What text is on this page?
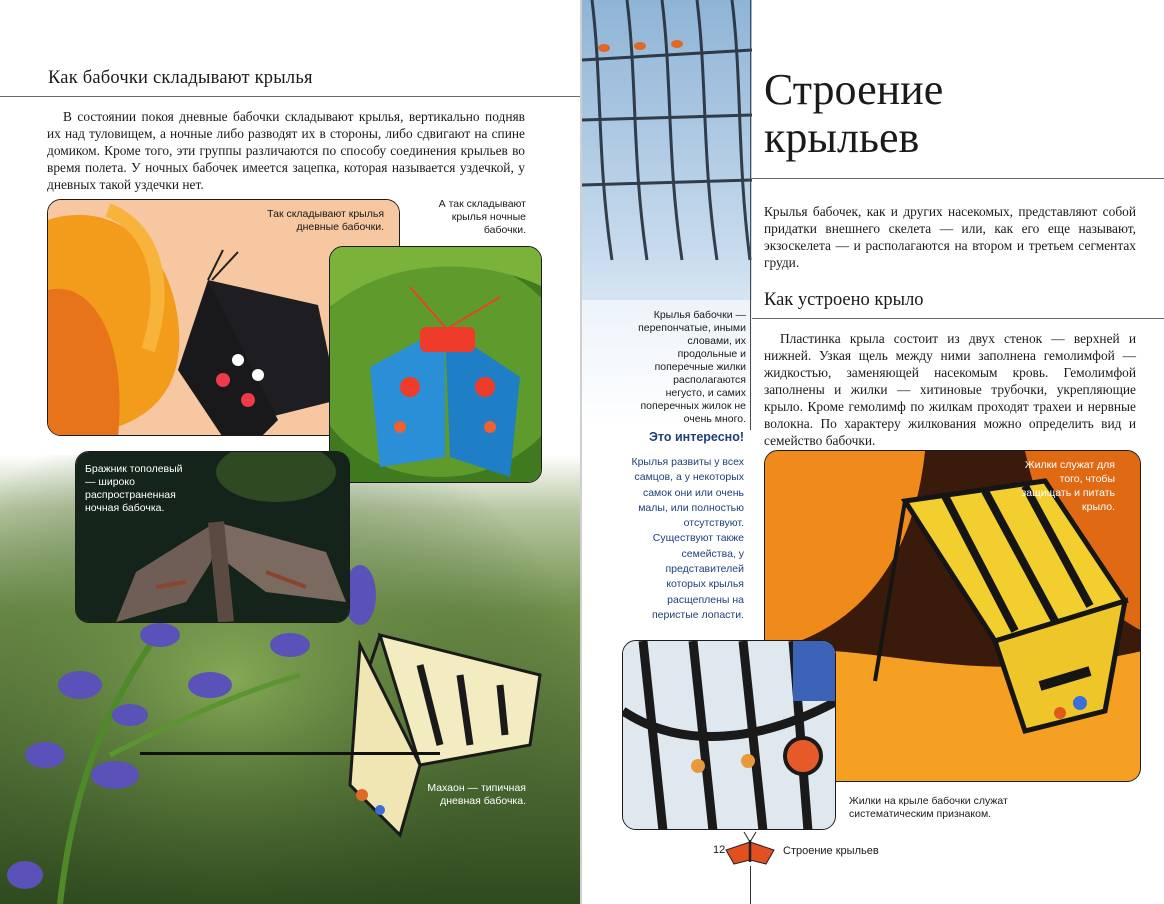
Как бабочки складывают крылья
В состоянии покоя дневные бабочки складывают крылья, вертикально подняв их над туловищем, а ночные либо разводят их в стороны, либо сдвигают на спине домиком. Кроме того, эти группы различаются по способу соединения крыльев во время полета. У ночных бабочек имеется зацепка, которая называется уздечкой, у дневных такой уздечки нет.
Так складывают крылья дневные бабочки.
А так складывают крылья ночные бабочки.
Бражник тополевый — широко распространенная ночная бабочка.
Махаон — типичная дневная бабочка.
Строение
крыльев
Крылья бабочек, как и других насекомых, представляют собой придатки внешнего скелета — или, как его еще называют, экзоскелета — и располагаются на втором и третьем сегментах груди.
Как устроено крыло
Пластинка крыла состоит из двух стенок — верхней и нижней. Узкая щель между ними заполнена гемолимфой — жидкостью, заменяющей насекомым кровь. Гемолимфой заполнены и жилки — хитиновые трубочки, укрепляющие крыло. Кроме гемолимф по жилкам проходят трахеи и нервные волокна. По характеру жилкования можно определить вид и семейство бабочки.
Крылья бабочки — перепончатые, иными словами, их продольные и поперечные жилки располагаются негусто, и самих поперечных жилок не очень много.
Это интересно!
Крылья развиты у всех самцов, а у некоторых самок они или очень малы, или полностью отсутствуют. Существуют также семейства, у представителей которых крылья расщеплены на перистые лопасти.
Жилки служат для того, чтобы защищать и питать крыло.
Жилки на крыле бабочки служат систематическим признаком.
12	Строение крыльев
